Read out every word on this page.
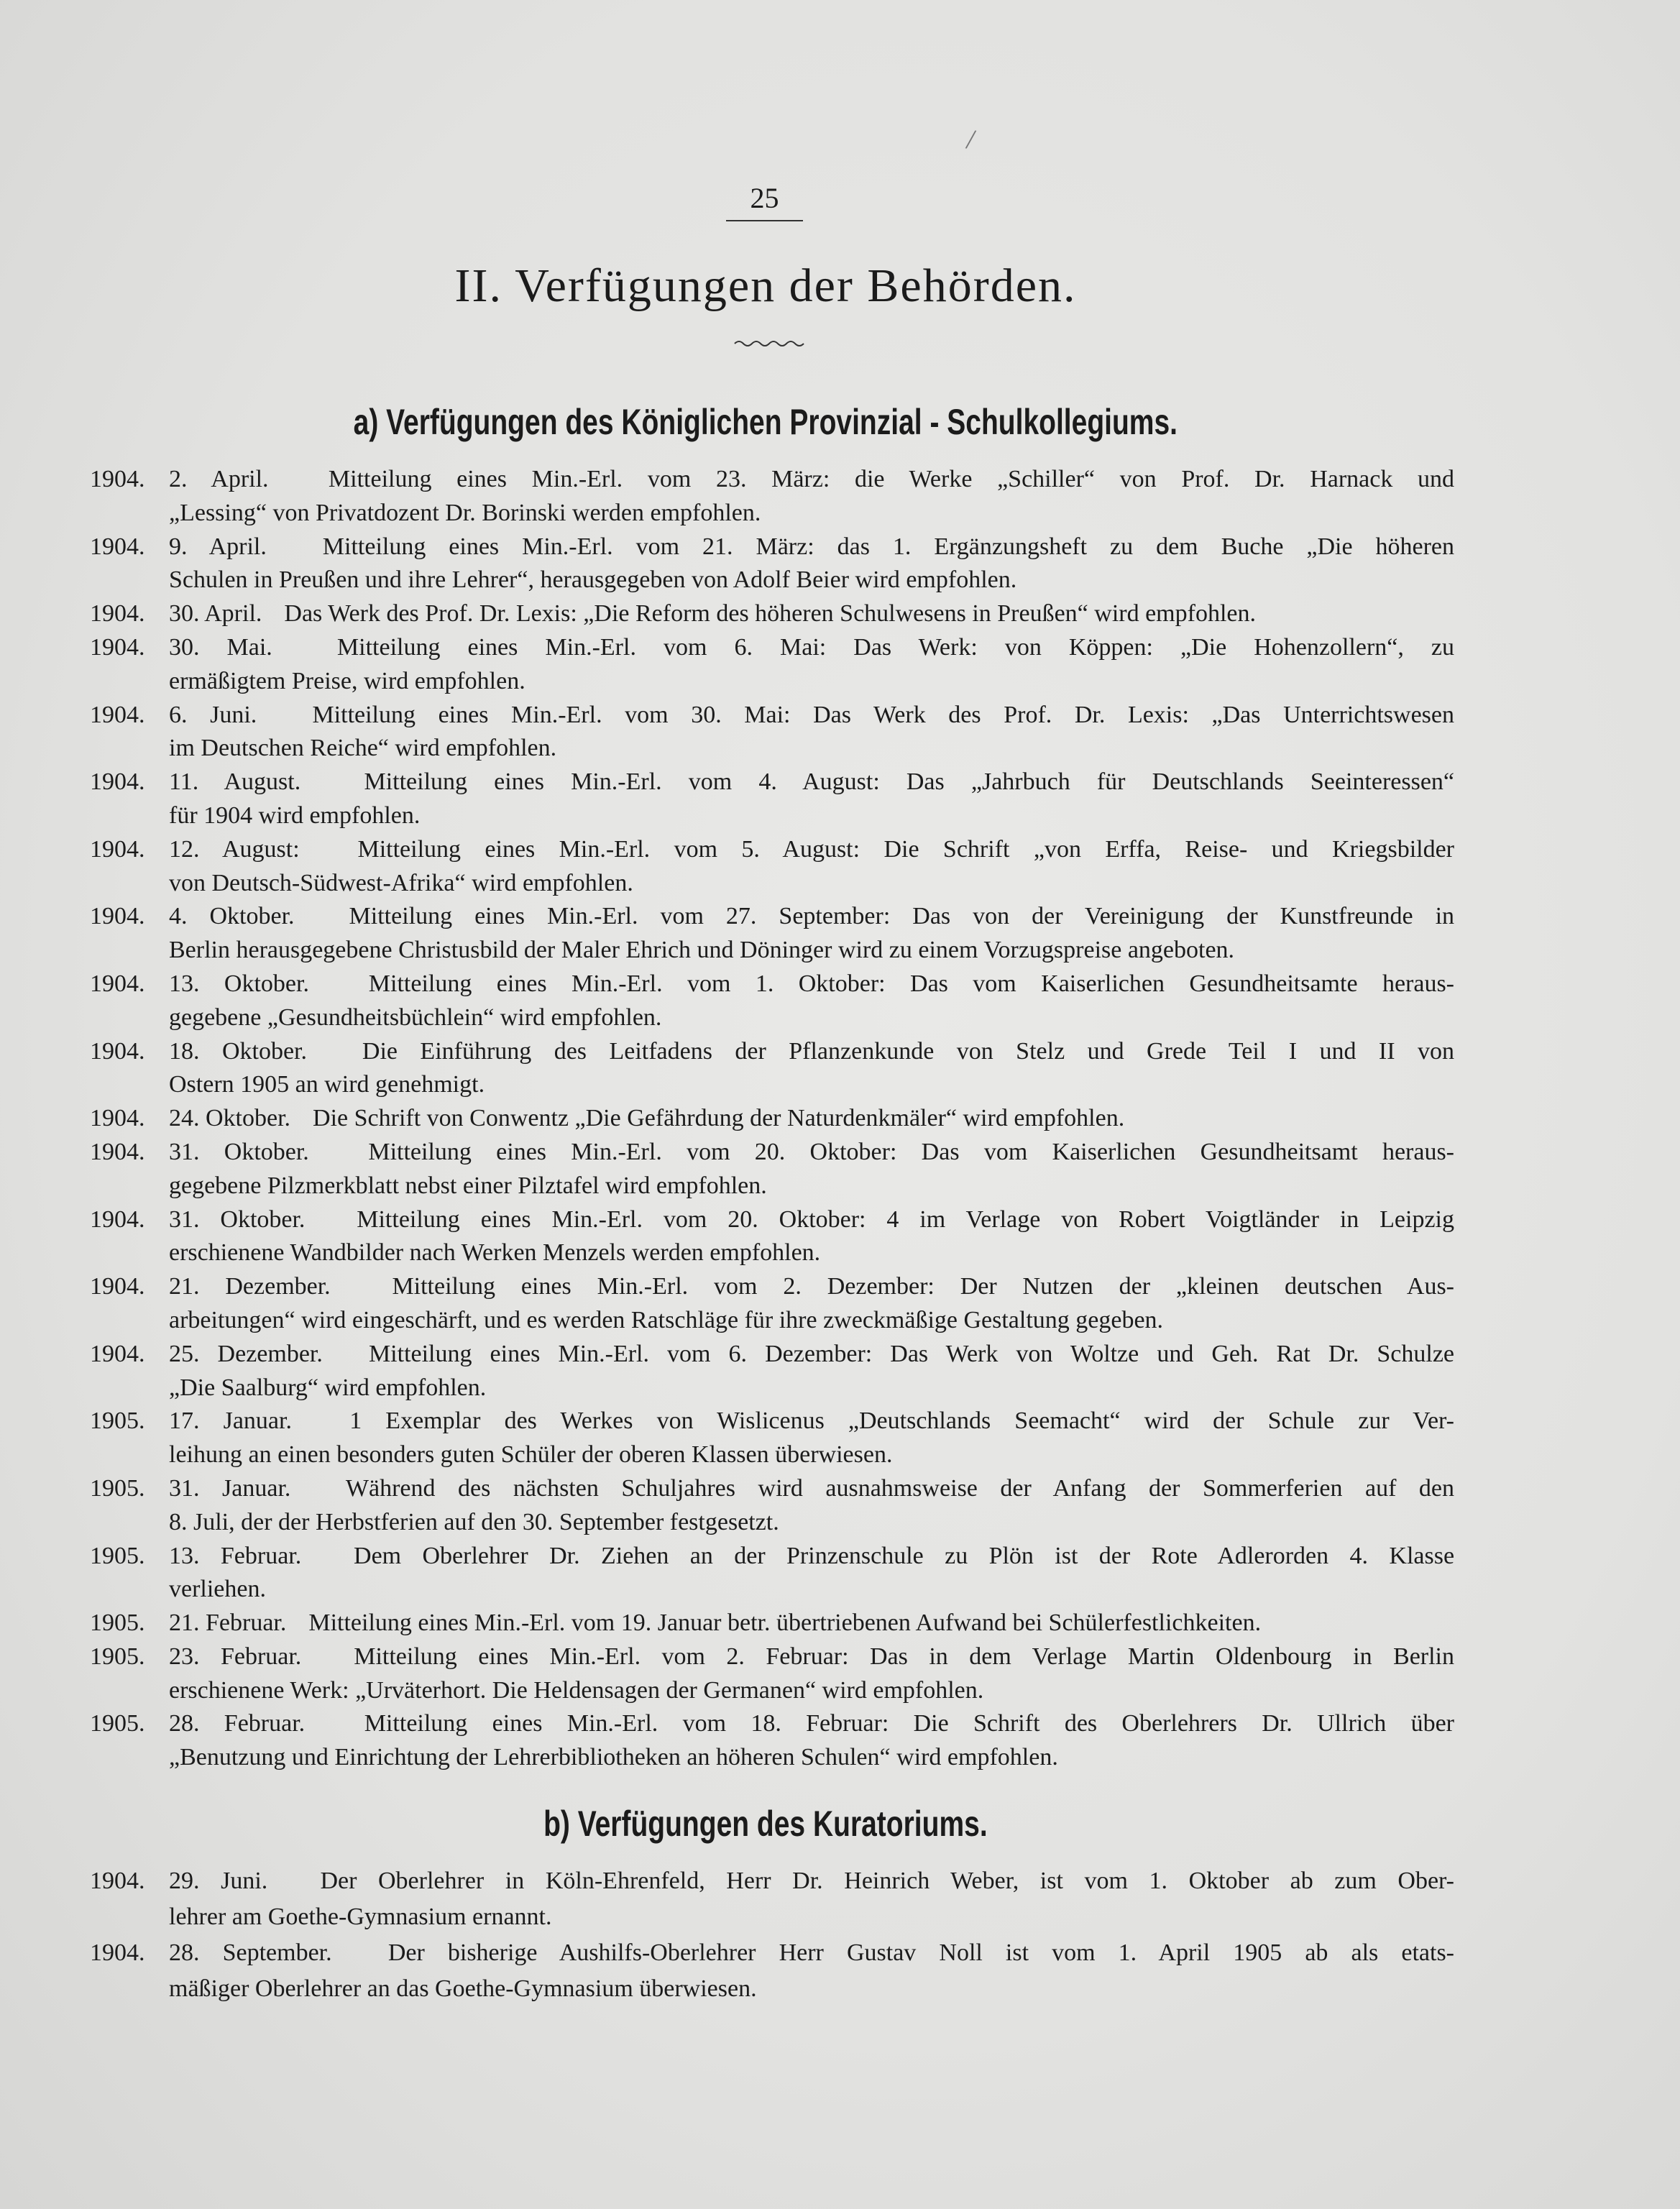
/
25
II. Verfügungen der Behörden.
a) Verfügungen des Königlichen Provinzial - Schulkollegiums.
1904. 2. April. Mitteilung eines Min.-Erl. vom 23. März: die Werke „Schiller“ von Prof. Dr. Harnack und
„Lessing“ von Privatdozent Dr. Borinski werden empfohlen.
1904. 9. April. Mitteilung eines Min.-Erl. vom 21. März: das 1. Ergänzungsheft zu dem Buche „Die höheren
Schulen in Preußen und ihre Lehrer“, herausgegeben von Adolf Beier wird empfohlen.
1904. 30. April. Das Werk des Prof. Dr. Lexis: „Die Reform des höheren Schulwesens in Preußen“ wird empfohlen.
1904. 30. Mai.	Mitteilung eines Min.-Erl. vom 6. Mai: Das Werk: von Köppen: „Die Hohenzollern“, zu
ermäßigtem Preise, wird empfohlen.
1904. 6. Juni. Mitteilung eines Min.-Erl. vom 30. Mai: Das Werk des Prof. Dr. Lexis: „Das Unterrichtswesen
im Deutschen Reiche“ wird empfohlen.
1904. 11. August.	Mitteilung eines Min.-Erl. vom 4. August: Das „Jahrbuch für Deutschlands Seeinteressen“
für 1904 wird empfohlen.
1904. 12. August: Mitteilung eines Min.-Erl. vom 5. August: Die Schrift „von Erffa, Reise- und Kriegsbilder
von Deutsch-Südwest-Afrika“ wird empfohlen.
1904. 4. Oktober. Mitteilung eines Min.-Erl. vom 27. September: Das von der Vereinigung der Kunstfreunde in
Berlin herausgegebene Christusbild der Maler Ehrich und Döninger wird zu einem Vorzugspreise angeboten.
1904. 13. Oktober. Mitteilung eines Min.-Erl. vom 1. Oktober: Das vom Kaiserlichen Gesundheitsamte heraus-
gegebene „Gesundheitsbüchlein“ wird empfohlen.
1904. 18. Oktober. Die Einführung des Leitfadens der Pflanzenkunde von Stelz und Grede Teil I und II von
Ostern 1905 an wird genehmigt.
1904. 24. Oktober. Die Schrift von Conwentz „Die Gefährdung der Naturdenkmäler“ wird empfohlen.
1904. 31. Oktober. Mitteilung eines Min.-Erl. vom 20. Oktober: Das vom Kaiserlichen Gesundheitsamt heraus-
gegebene Pilzmerkblatt nebst einer Pilztafel wird empfohlen.
1904. 31. Oktober. Mitteilung eines Min.-Erl. vom 20. Oktober: 4 im Verlage von Robert Voigtländer in Leipzig
erschienene Wandbilder nach Werken Menzels werden empfohlen.
1904. 21. Dezember.	Mitteilung eines Min.-Erl. vom 2. Dezember: Der Nutzen der „kleinen deutschen Aus-
arbeitungen“ wird eingeschärft, und es werden Ratschläge für ihre zweckmäßige Gestaltung gegeben.
1904. 25. Dezember. Mitteilung eines Min.-Erl. vom 6. Dezember: Das Werk von Woltze und Geh. Rat Dr. Schulze
„Die Saalburg“ wird empfohlen.
1905. 17. Januar. 1 Exemplar des Werkes von Wislicenus „Deutschlands Seemacht“ wird der Schule zur Ver-
leihung an einen besonders guten Schüler der oberen Klassen überwiesen.
1905. 31. Januar. Während des nächsten Schuljahres wird ausnahmsweise der Anfang der Sommerferien auf den
8. Juli, der der Herbstferien auf den 30. September festgesetzt.
1905. 13. Februar. Dem Oberlehrer Dr. Ziehen an der Prinzenschule zu Plön ist der Rote Adlerorden 4. Klasse
verliehen.
1905. 21. Februar. Mitteilung eines Min.-Erl. vom 19. Januar betr. übertriebenen Aufwand bei Schülerfestlichkeiten.
1905. 23. Februar. Mitteilung eines Min.-Erl. vom 2. Februar: Das in dem Verlage Martin Oldenbourg in Berlin
erschienene Werk: „Urväterhort. Die Heldensagen der Germanen“ wird empfohlen.
1905. 28. Februar. Mitteilung eines Min.-Erl. vom 18. Februar: Die Schrift des Oberlehrers Dr. Ullrich über
„Benutzung und Einrichtung der Lehrerbibliotheken an höheren Schulen“ wird empfohlen.
b) Verfügungen des Kuratoriums.
1904. 29. Juni. Der Oberlehrer in Köln-Ehrenfeld, Herr Dr. Heinrich Weber, ist vom 1. Oktober ab zum Ober-
lehrer am Goethe-Gymnasium ernannt.
1904. 28. September. Der bisherige Aushilfs-Oberlehrer Herr Gustav Noll ist vom 1. April 1905 ab als etats-
mäßiger Oberlehrer an das Goethe-Gymnasium überwiesen.
